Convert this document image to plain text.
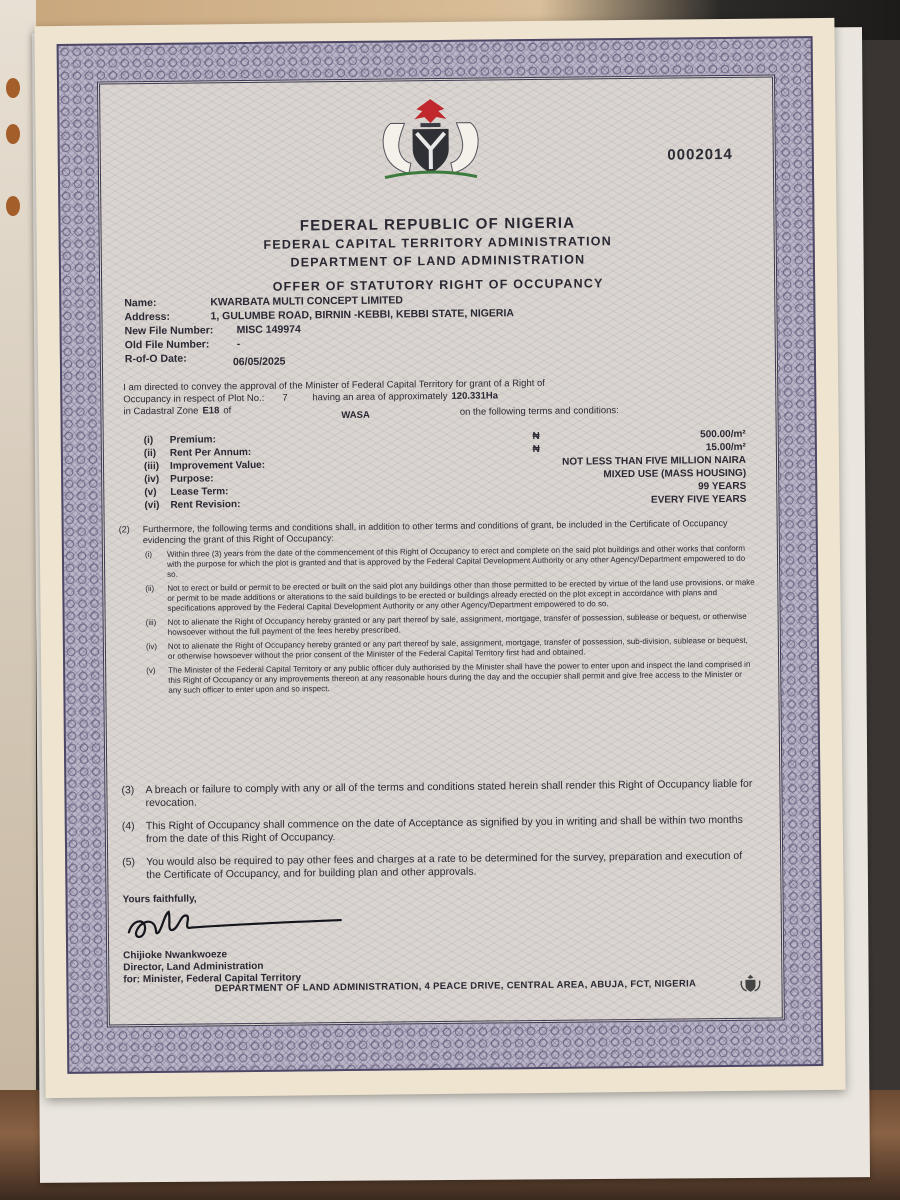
0002014
FEDERAL REPUBLIC OF NIGERIA
FEDERAL CAPITAL TERRITORY ADMINISTRATION
DEPARTMENT OF LAND ADMINISTRATION
OFFER OF STATUTORY RIGHT OF OCCUPANCY
Name:	KWARBATA MULTI CONCEPT LIMITED
Address:	1, GULUMBE ROAD, BIRNIN -KEBBI, KEBBI STATE, NIGERIA
New File Number:	MISC 149974
Old File Number:	-
R-of-O Date:	06/05/2025
I am directed to convey the approval of the Minister of Federal Capital Territory for grant of a Right of
Occupancy in respect of Plot No.: 7	having an area of approximately 120.331Ha
in Cadastral Zone E18 of	WASA	on the following terms and conditions:
(i)	Premium:	₦	500.00/m²
(ii)	Rent Per Annum:	₦	15.00/m²
(iii)	Improvement Value:	NOT LESS THAN FIVE MILLION NAIRA
(iv)	Purpose:	MIXED USE (MASS HOUSING)
(v)	Lease Term:	99 YEARS
(vi)	Rent Revision:	EVERY FIVE YEARS
(2)	Furthermore, the following terms and conditions shall, in addition to other terms and conditions of grant, be included in the Certificate of Occupancy evidencing the grant of this Right of Occupancy:
(i)	Within three (3) years from the date of the commencement of this Right of Occupancy to erect and complete on the said plot buildings and other works that conform with the purpose for which the plot is granted and that is approved by the Federal Capital Development Authority or any other Agency/Department empowered to do so.
(ii)	Not to erect or build or permit to be erected or built on the said plot any buildings other than those permitted to be erected by virtue of the land use provisions, or make or permit to be made additions or alterations to the said buildings to be erected or buildings already erected on the plot except in accordance with plans and specifications approved by the Federal Capital Development Authority or any other Agency/Department empowered to do so.
(iii)	Not to alienate the Right of Occupancy hereby granted or any part thereof by sale, assignment, mortgage, transfer of possession, sublease or bequest, or otherwise howsoever without the full payment of the fees hereby prescribed.
(iv)	Not to alienate the Right of Occupancy hereby granted or any part thereof by sale, assignment, mortgage, transfer of possession, sub-division, sublease or bequest, or otherwise howsoever without the prior consent of the Minister of the Federal Capital Territory first had and obtained.
(v)	The Minister of the Federal Capital Territory or any public officer duly authorised by the Minister shall have the power to enter upon and inspect the land comprised in this Right of Occupancy or any improvements thereon at any reasonable hours during the day and the occupier shall permit and give free access to the Minister or any such officer to enter upon and so inspect.
(3)	A breach or failure to comply with any or all of the terms and conditions stated herein shall render this Right of Occupancy liable for revocation.
(4)	This Right of Occupancy shall commence on the date of Acceptance as signified by you in writing and shall be within two months from the date of this Right of Occupancy.
(5)	You would also be required to pay other fees and charges at a rate to be determined for the survey, preparation and execution of the Certificate of Occupancy, and for building plan and other approvals.
Yours faithfully,
Chijioke Nwankwoeze
Director, Land Administration
for: Minister, Federal Capital Territory
DEPARTMENT OF LAND ADMINISTRATION, 4 PEACE DRIVE, CENTRAL AREA, ABUJA, FCT, NIGERIA
